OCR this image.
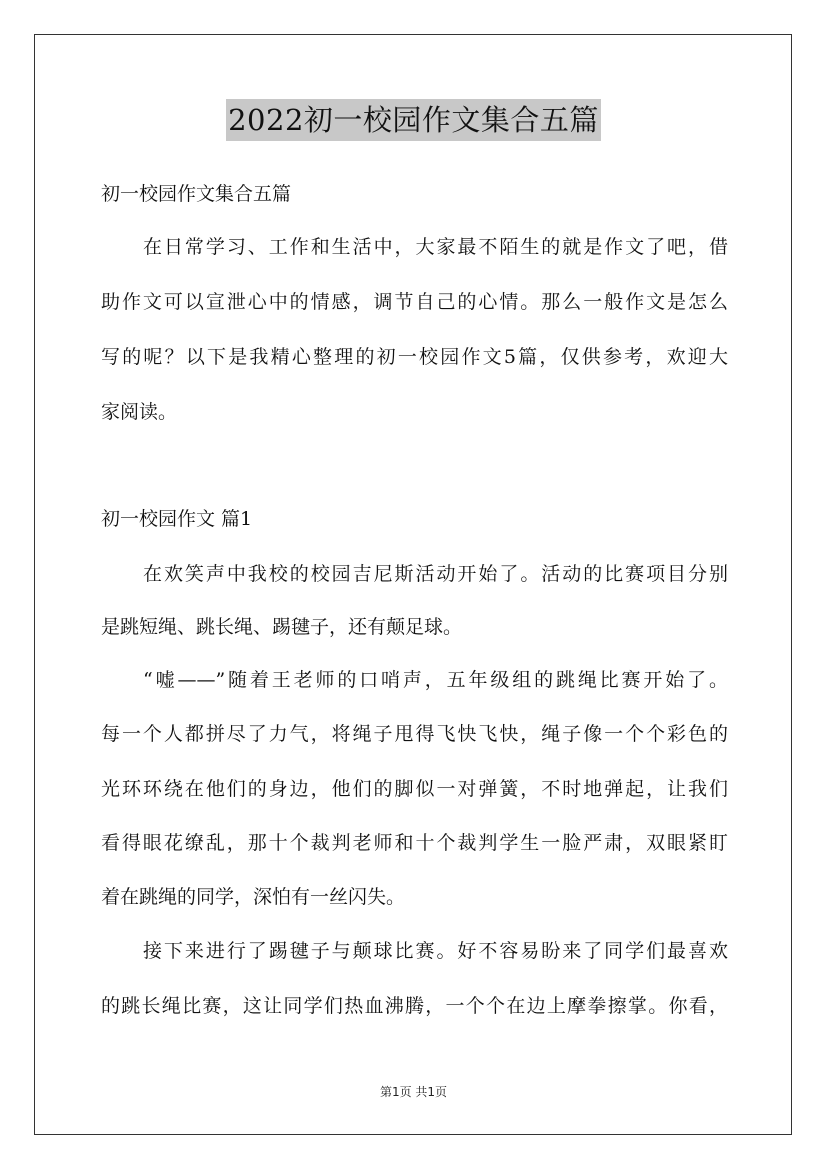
2022初一校园作文集合五篇
初一校园作文集合五篇
在日常学习、工作和生活中，大家最不陌生的就是作文了吧，借
助作文可以宣泄心中的情感，调节自己的心情。那么一般作文是怎么
写的呢？以下是我精心整理的初一校园作文5篇，仅供参考，欢迎大
家阅读。
初一校园作文 篇1
在欢笑声中我校的校园吉尼斯活动开始了。活动的比赛项目分别
是跳短绳、跳长绳、踢毽子，还有颠足球。
“嘘——”随着王老师的口哨声，五年级组的跳绳比赛开始了。
每一个人都拼尽了力气，将绳子甩得飞快飞快，绳子像一个个彩色的
光环环绕在他们的身边，他们的脚似一对弹簧，不时地弹起，让我们
看得眼花缭乱，那十个裁判老师和十个裁判学生一脸严肃，双眼紧盯
着在跳绳的同学，深怕有一丝闪失。
接下来进行了踢毽子与颠球比赛。好不容易盼来了同学们最喜欢
的跳长绳比赛，这让同学们热血沸腾，一个个在边上摩拳擦掌。你看，
第1页 共1页
